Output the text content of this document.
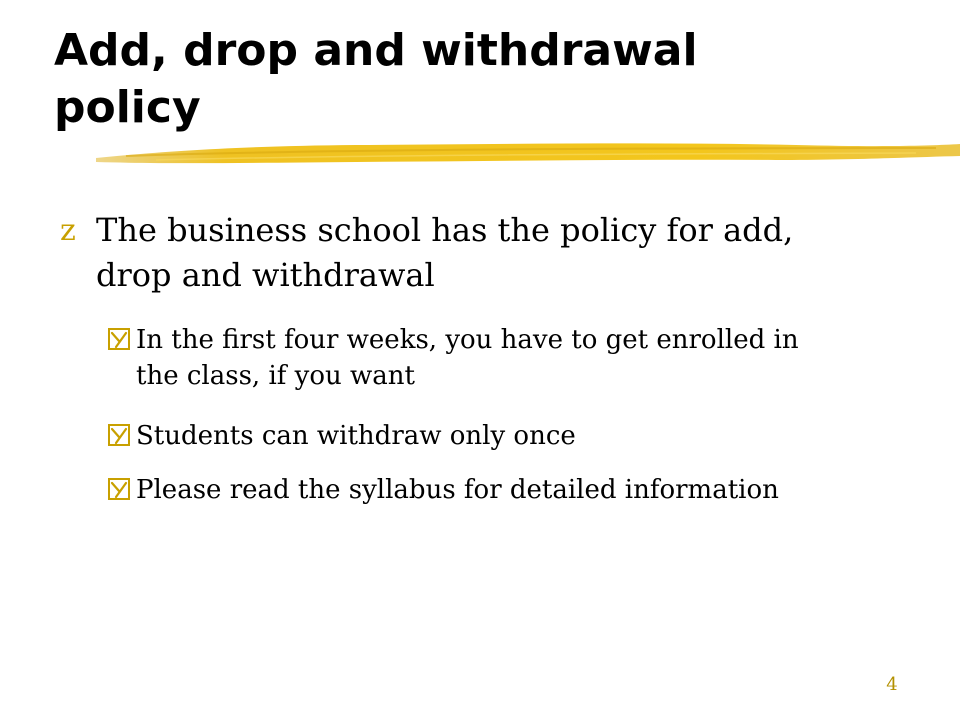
Add, drop and withdrawal
policy
z The business school has the policy for add, drop and withdrawal
In the first four weeks, you have to get enrolled in the class, if you want
Students can withdraw only once
Please read the syllabus for detailed information
4
